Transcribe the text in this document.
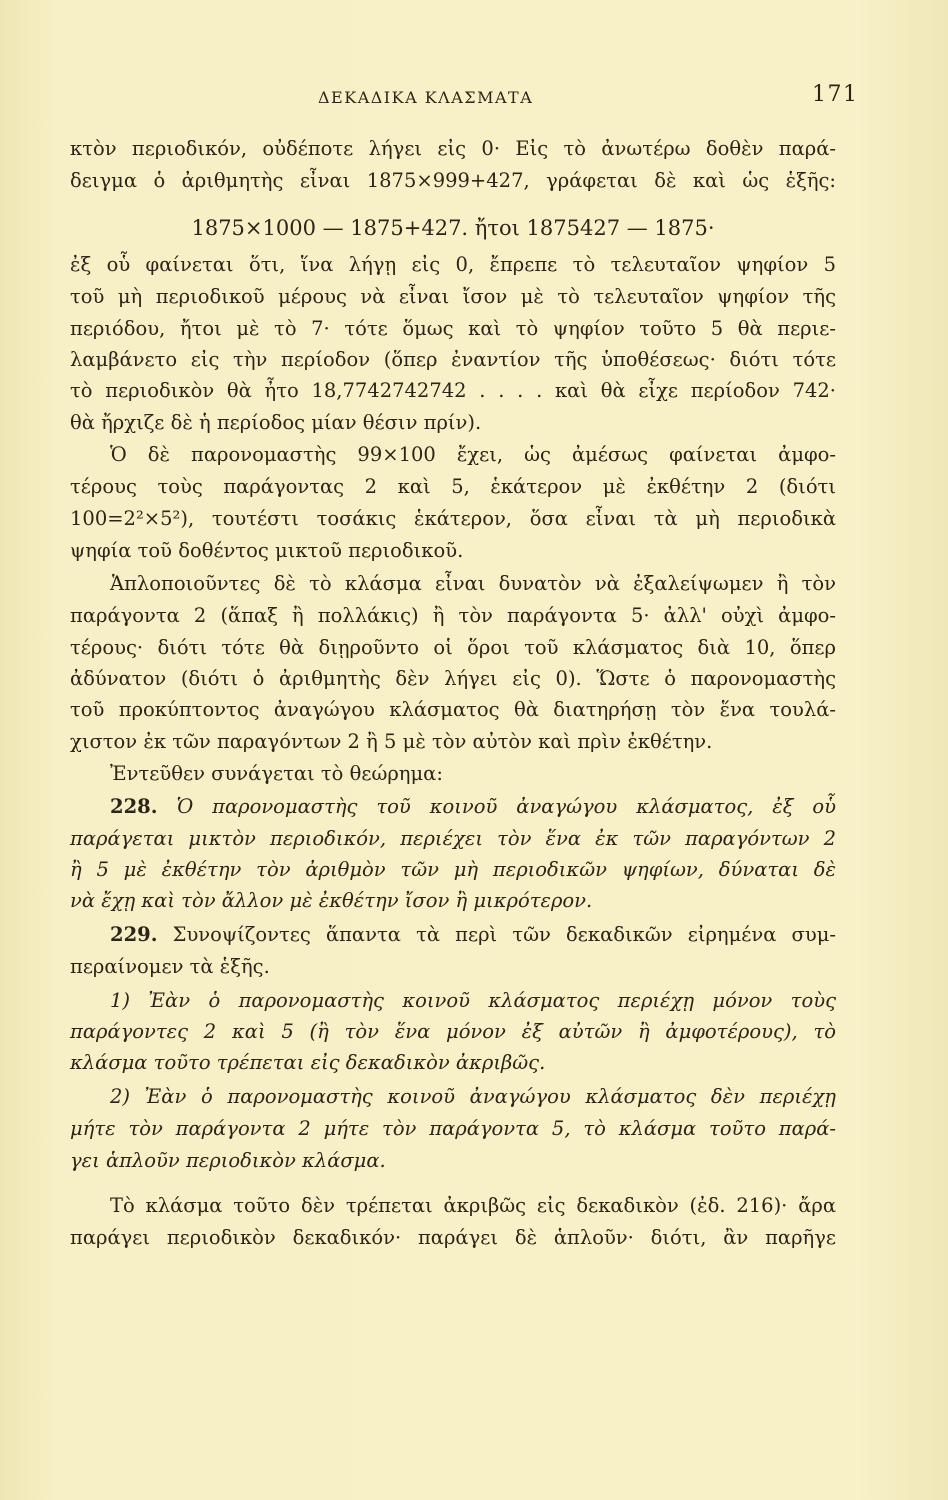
ΔΕΚΑΔΙΚΑ ΚΛΑΣΜΑΤΑ	171
κτὸν περιοδικόν, οὐδέποτε λήγει εἰς 0· Εἰς τὸ ἀνωτέρω δοθὲν παρά-
δειγμα ὁ ἀριθμητὴς εἶναι 1875×999+427, γράφεται δὲ καὶ ὡς ἑξῆς:
1875×1000 — 1875+427. ἤτοι 1875427 — 1875·
ἐξ οὗ φαίνεται ὅτι, ἵνα λήγῃ εἰς 0, ἔπρεπε τὸ τελευταῖον ψηφίον 5
τοῦ μὴ περιοδικοῦ μέρους νὰ εἶναι ἴσον μὲ τὸ τελευταῖον ψηφίον τῆς
περιόδου, ἤτοι μὲ τὸ 7· τότε ὅμως καὶ τὸ ψηφίον τοῦτο 5 θὰ περιε-
λαμβάνετο εἰς τὴν περίοδον (ὅπερ ἐναντίον τῆς ὑποθέσεως· διότι τότε
τὸ περιοδικὸν θὰ ἦτο 18,7742742742 . . . . καὶ θὰ εἶχε περίοδον 742·
θὰ ἤρχιζε δὲ ἡ περίοδος μίαν θέσιν πρίν).
Ὁ δὲ παρονομαστὴς 99×100 ἔχει, ὡς ἀμέσως φαίνεται ἀμφο-
τέρους τοὺς παράγοντας 2 καὶ 5, ἑκάτερον μὲ ἐκθέτην 2 (διότι
100=2²×5²), τουτέστι τοσάκις ἑκάτερον, ὅσα εἶναι τὰ μὴ περιοδικὰ
ψηφία τοῦ δοθέντος μικτοῦ περιοδικοῦ.
Ἁπλοποιοῦντες δὲ τὸ κλάσμα εἶναι δυνατὸν νὰ ἐξαλείψωμεν ἢ τὸν
παράγοντα 2 (ἅπαξ ἢ πολλάκις) ἢ τὸν παράγοντα 5· ἀλλ' οὐχὶ ἀμφο-
τέρους· διότι τότε θὰ διῃροῦντο οἱ ὅροι τοῦ κλάσματος διὰ 10, ὅπερ
ἀδύνατον (διότι ὁ ἀριθμητὴς δὲν λήγει εἰς 0). Ὥστε ὁ παρονομαστὴς
τοῦ προκύπτοντος ἀναγώγου κλάσματος θὰ διατηρήσῃ τὸν ἕνα τουλά-
χιστον ἐκ τῶν παραγόντων 2 ἢ 5 μὲ τὸν αὐτὸν καὶ πρὶν ἐκθέτην.
Ἐντεῦθεν συνάγεται τὸ θεώρημα:
228. Ὁ παρονομαστὴς τοῦ κοινοῦ ἀναγώγου κλάσματος, ἐξ οὗ
παράγεται μικτὸν περιοδικόν, περιέχει τὸν ἕνα ἐκ τῶν παραγόντων 2
ἢ 5 μὲ ἐκθέτην τὸν ἀριθμὸν τῶν μὴ περιοδικῶν ψηφίων, δύναται δὲ
νὰ ἔχῃ καὶ τὸν ἄλλον μὲ ἐκθέτην ἴσον ἢ μικρότερον.
229. Συνοψίζοντες ἅπαντα τὰ περὶ τῶν δεκαδικῶν εἰρημένα συμ-
περαίνομεν τὰ ἑξῆς.
1) Ἐὰν ὁ παρονομαστὴς κοινοῦ κλάσματος περιέχῃ μόνον τοὺς
παράγοντες 2 καὶ 5 (ἢ τὸν ἕνα μόνον ἐξ αὐτῶν ἢ ἀμφοτέρους), τὸ
κλάσμα τοῦτο τρέπεται εἰς δεκαδικὸν ἀκριβῶς.
2) Ἐὰν ὁ παρονομαστὴς κοινοῦ ἀναγώγου κλάσματος δὲν περιέχῃ
μήτε τὸν παράγοντα 2 μήτε τὸν παράγοντα 5, τὸ κλάσμα τοῦτο παρά-
γει ἁπλοῦν περιοδικὸν κλάσμα.
Τὸ κλάσμα τοῦτο δὲν τρέπεται ἀκριβῶς εἰς δεκαδικὸν (ἐδ. 216)· ἄρα
παράγει περιοδικὸν δεκαδικόν· παράγει δὲ ἁπλοῦν· διότι, ἂν παρῆγε
